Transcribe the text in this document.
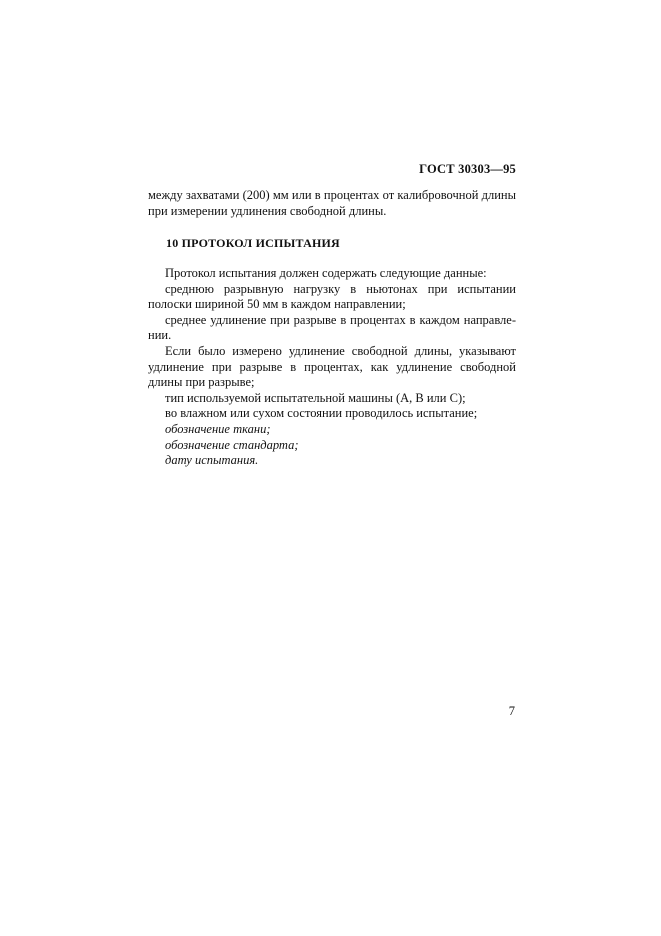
ГОСТ 30303—95

между захватами (200) мм или в процентах от калибровочной длины при измерении удлинения свободной длины.

10 ПРОТОКОЛ ИСПЫТАНИЯ

Протокол испытания должен содержать следующие данные:

среднюю разрывную нагрузку в ньютонах при испытании полоски шириной 50 мм в каждом направлении;

среднее удлинение при разрыве в процентах в каждом направле-нии.

Если было измерено удлинение свободной длины, указывают удлинение при разрыве в процентах, как удлинение свободной длины при разрыве;

тип используемой испытательной машины (А, В или С);

во влажном или сухом состоянии проводилось испытание;

обозначение ткани;

обозначение стандарта;

дату испытания.

7
